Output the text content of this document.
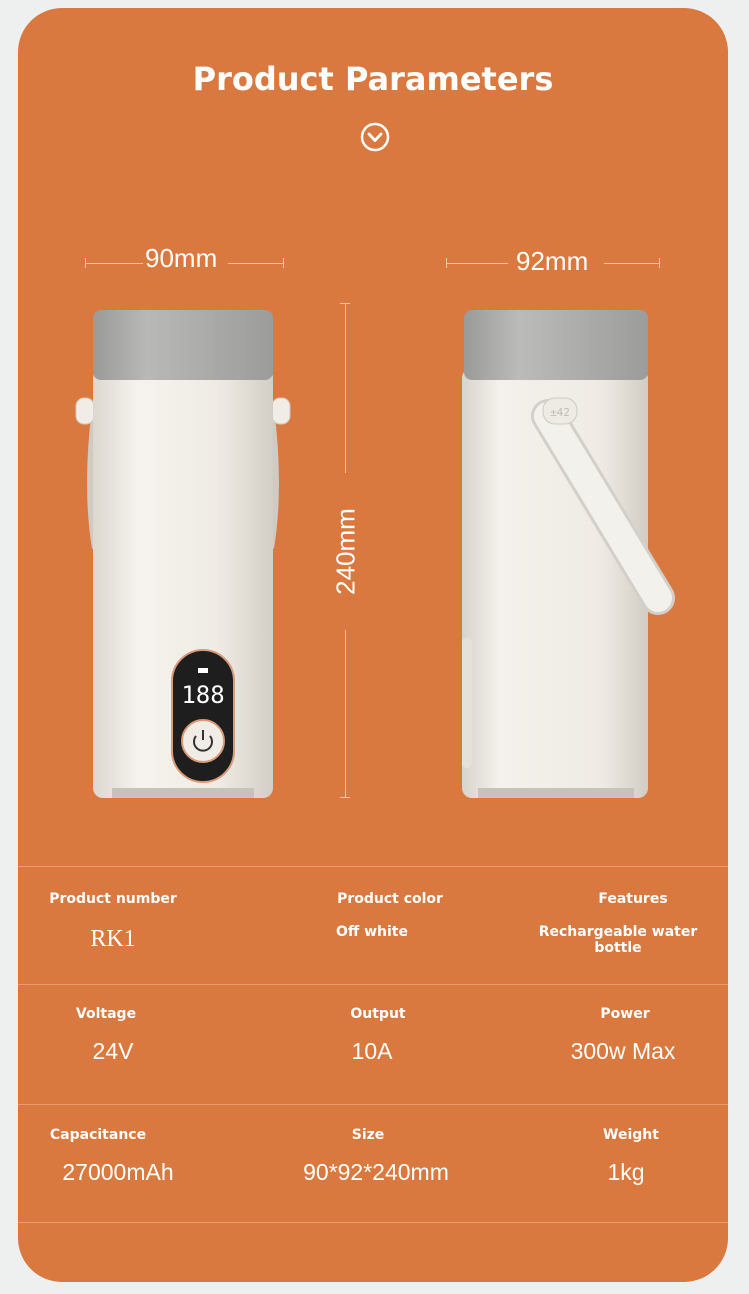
Product Parameters
90mm	92mm
240mm
188
±42
Product number
RK1
Product color
Off white
Features
Rechargeable water bottle
Voltage
24V
Output
10A
Power
300w Max
Capacitance
27000mAh
Size
90*92*240mm
Weight
1kg
